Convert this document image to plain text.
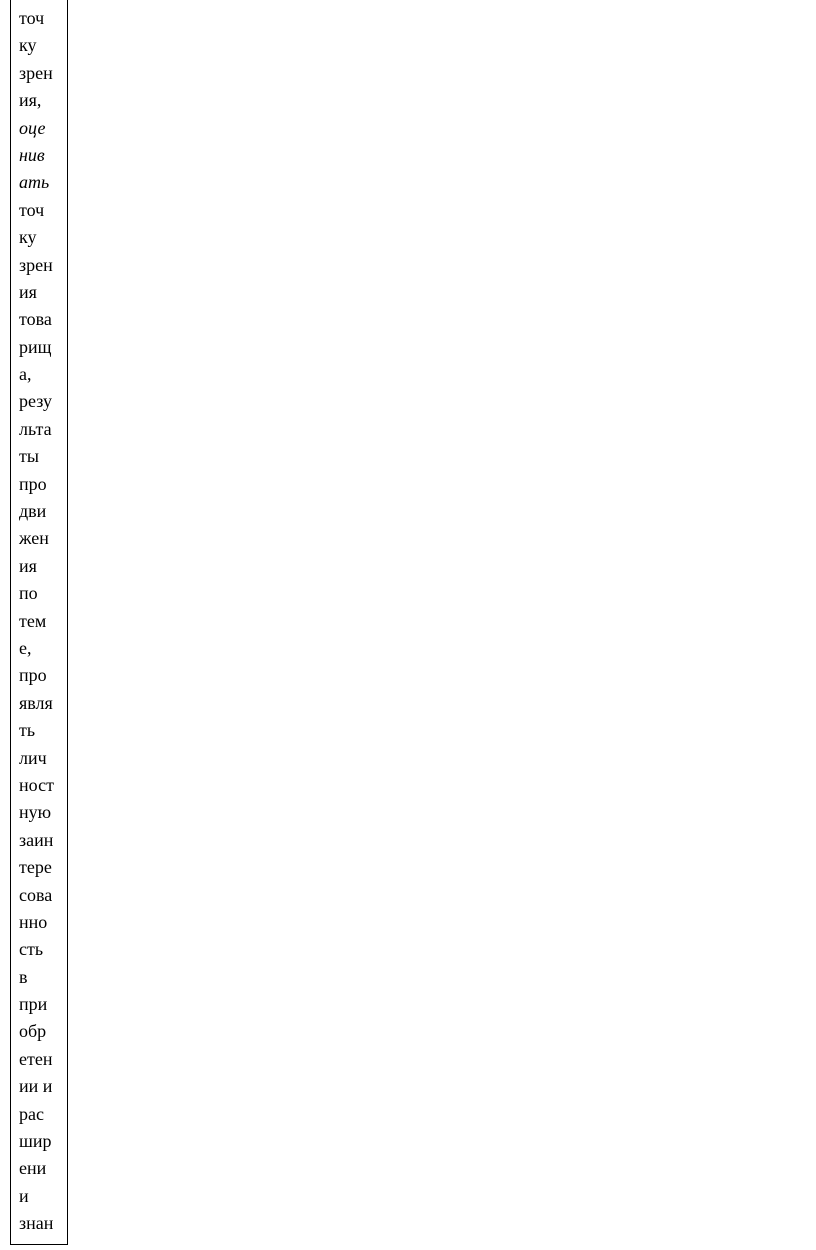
точ
ку
зрен
ия,
оце
нив
ать
точ
ку
зрен
ия
това
рищ
а,
резу
льта
ты
про
дви
жен
ия
по
тем
е,
про
явля
ть
лич
ност
ную
заин
тере
сова
нно
сть
в
при
обр
етен
ии и
рас
шир
ени
и
знан
